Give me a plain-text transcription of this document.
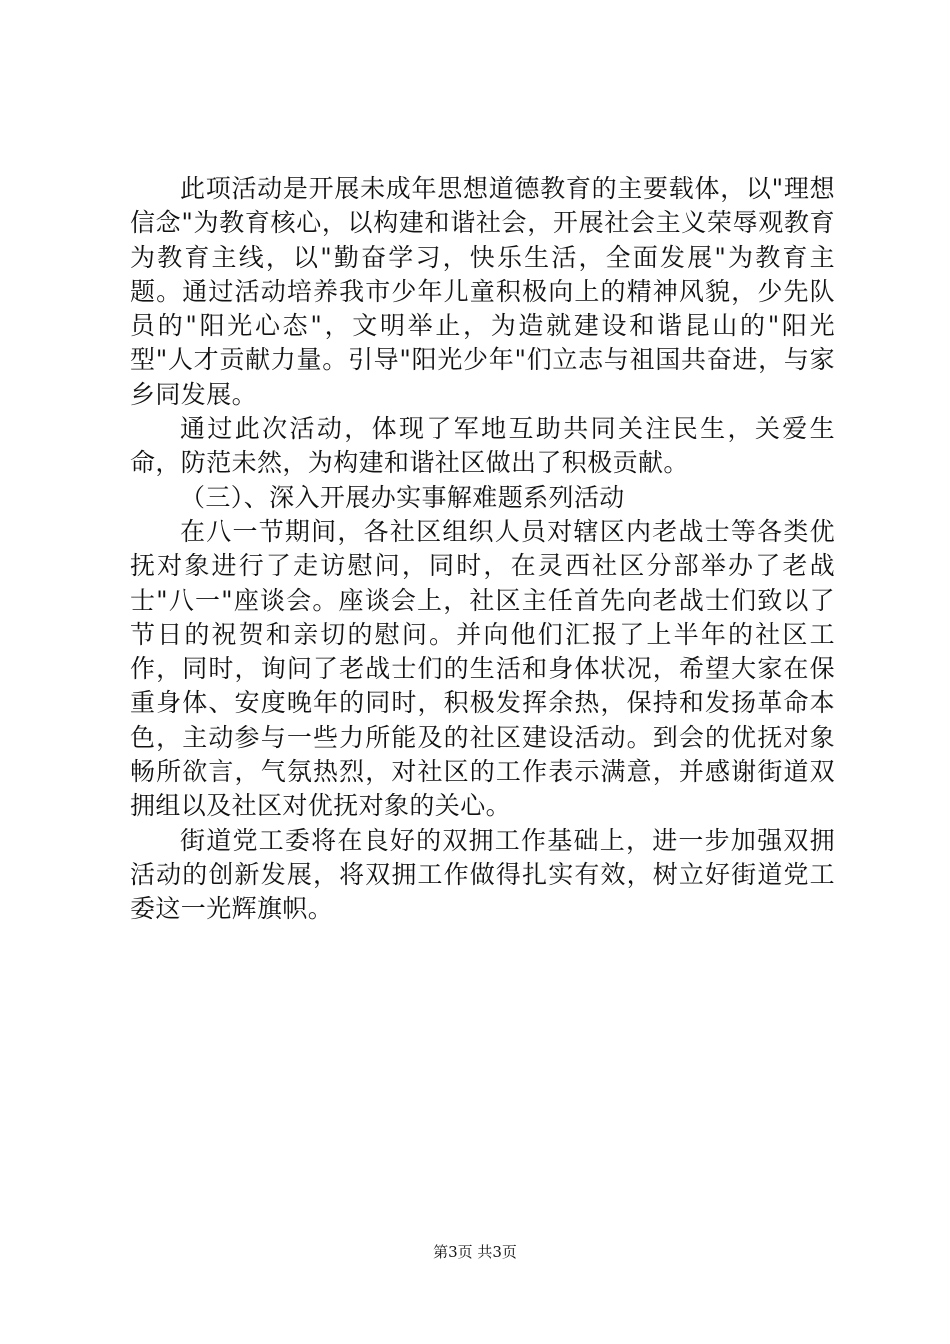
此项活动是开展未成年思想道德教育的主要载体，以"理想信念"为教育核心，以构建和谐社会，开展社会主义荣辱观教育为教育主线，以"勤奋学习，快乐生活，全面发展"为教育主题。通过活动培养我市少年儿童积极向上的精神风貌，少先队员的"阳光心态"，文明举止，为造就建设和谐昆山的"阳光型"人才贡献力量。引导"阳光少年"们立志与祖国共奋进，与家乡同发展。

通过此次活动，体现了军地互助共同关注民生，关爱生命，防范未然，为构建和谐社区做出了积极贡献。

（三）、深入开展办实事解难题系列活动

在八一节期间，各社区组织人员对辖区内老战士等各类优抚对象进行了走访慰问，同时，在灵西社区分部举办了老战士"八一"座谈会。座谈会上，社区主任首先向老战士们致以了节日的祝贺和亲切的慰问。并向他们汇报了上半年的社区工作，同时，询问了老战士们的生活和身体状况，希望大家在保重身体、安度晚年的同时，积极发挥余热，保持和发扬革命本色，主动参与一些力所能及的社区建设活动。到会的优抚对象畅所欲言，气氛热烈，对社区的工作表示满意，并感谢街道双拥组以及社区对优抚对象的关心。

街道党工委将在良好的双拥工作基础上，进一步加强双拥活动的创新发展，将双拥工作做得扎实有效，树立好街道党工委这一光辉旗帜。

第3页 共3页
